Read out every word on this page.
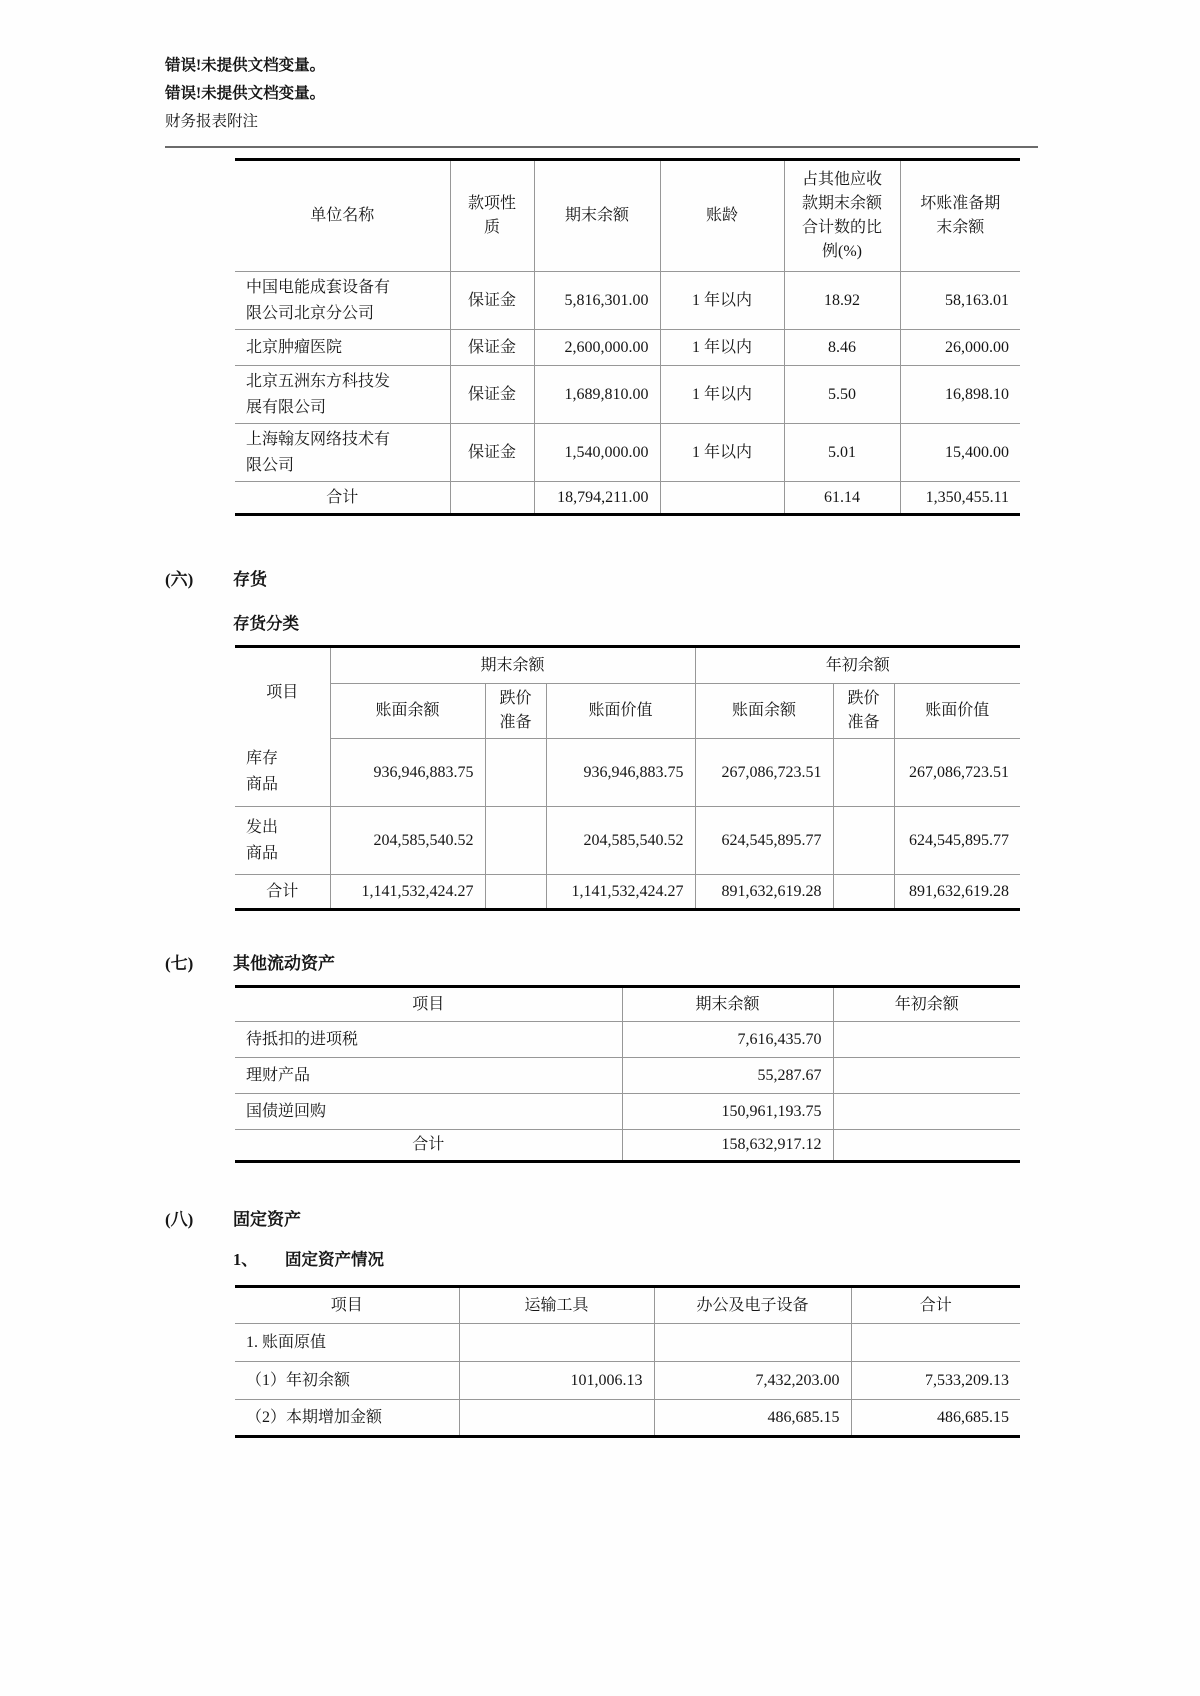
错误!未提供文档变量。
错误!未提供文档变量。
财务报表附注
单位名称	款项性质	期末余额	账龄	占其他应收款期末余额合计数的比例(%)	坏账准备期末余额
中国电能成套设备有限公司北京分公司	保证金	5,816,301.00	1 年以内	18.92	58,163.01
北京肿瘤医院	保证金	2,600,000.00	1 年以内	8.46	26,000.00
北京五洲东方科技发展有限公司	保证金	1,689,810.00	1 年以内	5.50	16,898.10
上海翰友网络技术有限公司	保证金	1,540,000.00	1 年以内	5.01	15,400.00
合计		18,794,211.00		61.14	1,350,455.11
(六)	存货
存货分类
项目	期末余额			年初余额		
	账面余额	跌价准备	账面价值	账面余额	跌价准备	账面价值
库存商品	936,946,883.75		936,946,883.75	267,086,723.51		267,086,723.51
发出商品	204,585,540.52		204,585,540.52	624,545,895.77		624,545,895.77
合计	1,141,532,424.27		1,141,532,424.27	891,632,619.28		891,632,619.28
(七)	其他流动资产
项目	期末余额	年初余额
待抵扣的进项税	7,616,435.70	
理财产品	55,287.67	
国债逆回购	150,961,193.75	
合计	158,632,917.12	
(八)	固定资产
1、	固定资产情况
项目	运输工具	办公及电子设备	合计
1. 账面原值			
（1）年初余额	101,006.13	7,432,203.00	7,533,209.13
（2）本期增加金额		486,685.15	486,685.15
